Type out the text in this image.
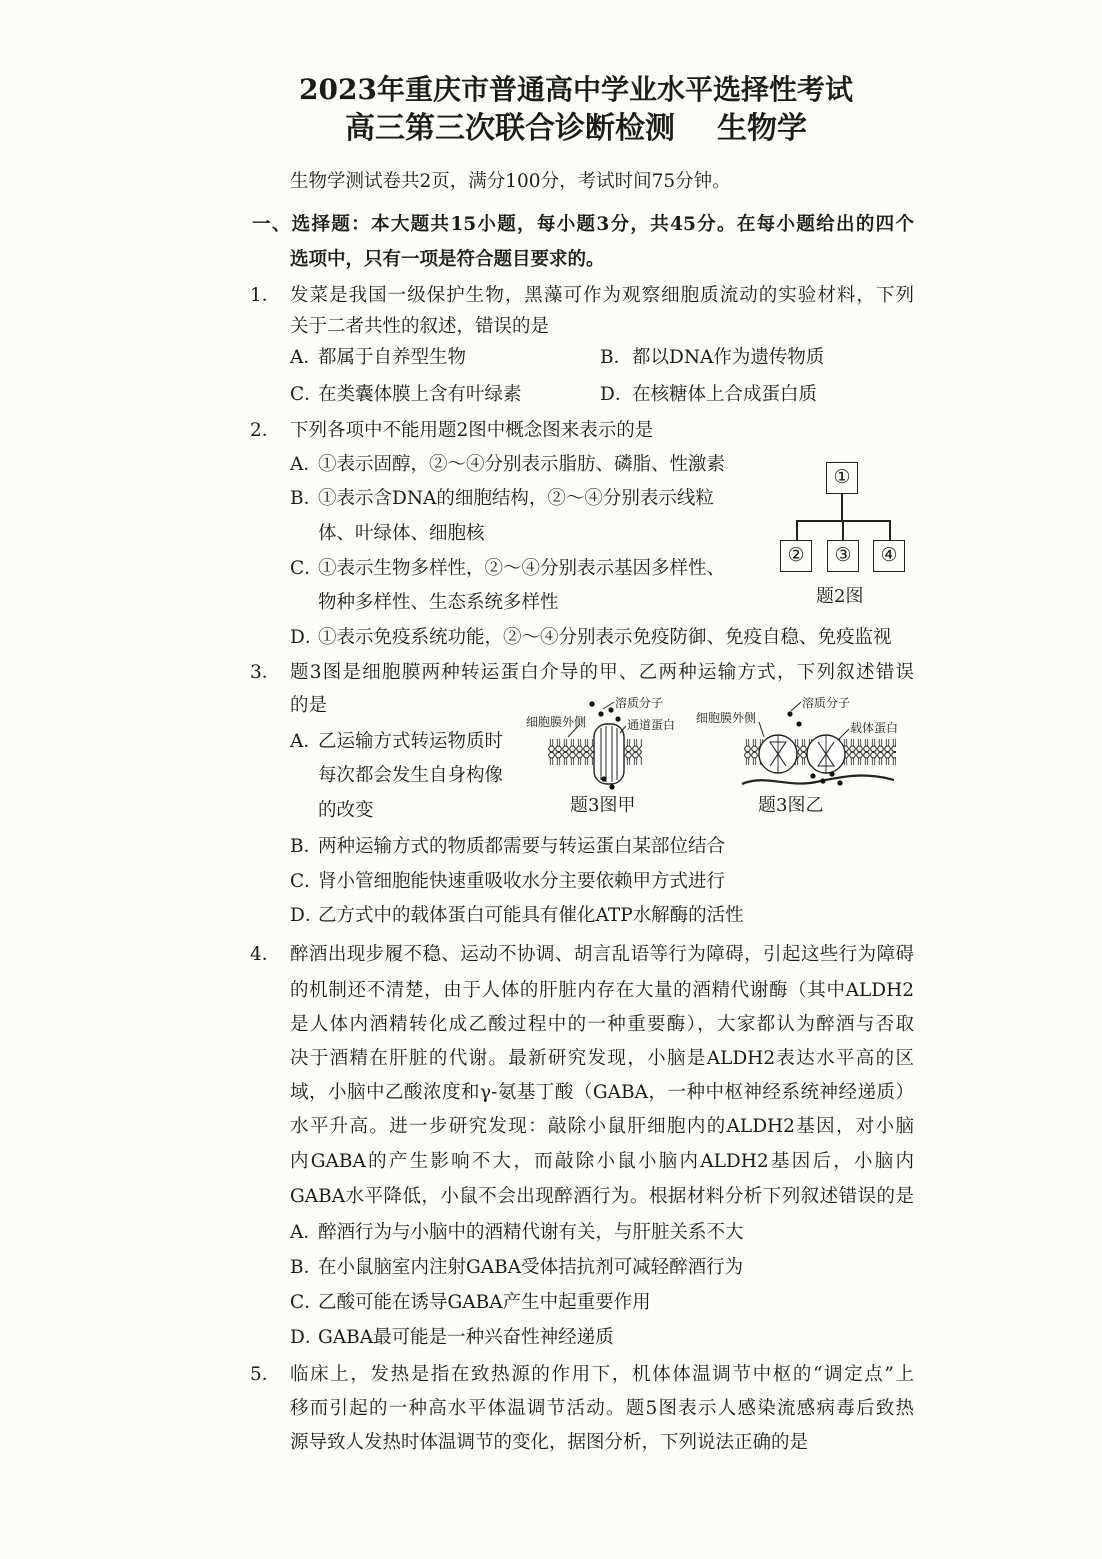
2023年重庆市普通高中学业水平选择性考试
高三第三次联合诊断检测 生物学
生物学测试卷共2页，满分100分，考试时间75分钟。
一、选择题：本大题共15小题，每小题3分，共45分。在每小题给出的四个
选项中，只有一项是符合题目要求的。
1． 发菜是我国一级保护生物，黑藻可作为观察细胞质流动的实验材料，下列
关于二者共性的叙述，错误的是
A．
都属于自养型生物	B． 都以DNA作为遗传物质
C．
在类囊体膜上含有叶绿素	D．
在核糖体上合成蛋白质
2． 下列各项中不能用题2图中概念图来表示的是
A．
①表示固醇，②～④分别表示脂肪、磷脂、性激素
B．
①表示含DNA的细胞结构，②～④分别表示线粒
体、叶绿体、细胞核
C．
①表示生物多样性，②～④分别表示基因多样性、
物种多样性、生态系统多样性
D．
①表示免疫系统功能，②～④分别表示免疫防御、免疫自稳、免疫监视
①
②	③	④
题2图
3． 题3图是细胞膜两种转运蛋白介导的甲、乙两种运输方式，下列叙述错误
的是
A．
乙运输方式转运物质时
每次都会发生自身构像
的改变
B．
两种运输方式的物质都需要与转运蛋白某部位结合
C．
肾小管细胞能快速重吸收水分主要依赖甲方式进行
D．
乙方式中的载体蛋白可能具有催化ATP水解酶的活性
溶质分子
细胞膜外侧	通道蛋白
溶质分子
细胞膜外侧
载体蛋白
题3图甲	题3图乙
4． 醉酒出现步履不稳、运动不协调、胡言乱语等行为障碍，引起这些行为障碍
的机制还不清楚，由于人体的肝脏内存在大量的酒精代谢酶（其中ALDH2
是人体内酒精转化成乙酸过程中的一种重要酶），大家都认为醉酒与否取
决于酒精在肝脏的代谢。最新研究发现，小脑是ALDH2表达水平高的区
域，小脑中乙酸浓度和γ-氨基丁酸（GABA，一种中枢神经系统神经递质）
水平升高。进一步研究发现：敲除小鼠肝细胞内的ALDH2基因，对小脑
内GABA的产生影响不大，而敲除小鼠小脑内ALDH2基因后，小脑内
GABA水平降低，小鼠不会出现醉酒行为。根据材料分析下列叙述错误的是
A．
醉酒行为与小脑中的酒精代谢有关，与肝脏关系不大
B．
在小鼠脑室内注射GABA受体拮抗剂可减轻醉酒行为
C．
乙酸可能在诱导GABA产生中起重要作用
D．
GABA最可能是一种兴奋性神经递质
5． 临床上，发热是指在致热源的作用下，机体体温调节中枢的“调定点”上
移而引起的一种高水平体温调节活动。题5图表示人感染流感病毒后致热
源导致人发热时体温调节的变化，据图分析，下列说法正确的是
